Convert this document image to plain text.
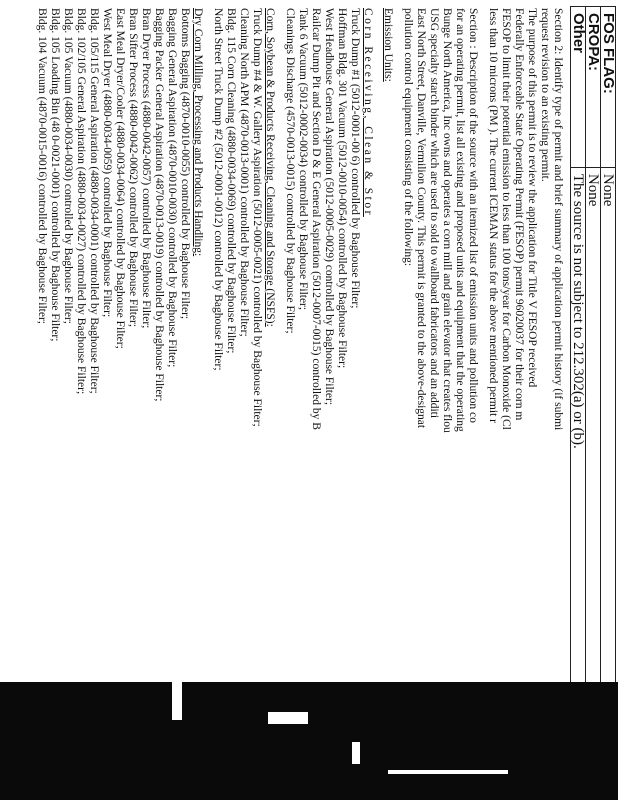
FOS FLAG:	None
CROPA:	None
Other	The source is not subject to 212.302(a) or (b).

Section 2: Identify type of permit and brief summary of application permit history (if submi

request revision to an existing permit.

The purpose of this permit is to review the application for Title V FESOP received

Federally Enforceable State Operating Permit (FESOP) permit 96020037 for their corn m

FESOP to limit their potential emission to less than 100 tons/year for Carbon Monoxide (Cl

less than 10 microns (PM ). The current ICEMAN status for the above mentioned permit r

Section : Description of the source with an itemized list of emission units and pollution co

for an operating permit, list all existing and proposed units and equipment that the operating

Bunge North America, Inc owns and operates a corn mill and grain elevator that creates flou

USG specialty starch binder which are used to sold to wallboard fabricators and an additi

East North Street, Danville, Vermilion County. This permit is granted to the above-designat

pollution control equipment consisting of the following:

Emission Units:

Corn Receiving, Clean & Stor

Truck Dump #1 (5012-0001-00 6) controlled by Baghouse Filter;

Hoffman Bldg. 301 Vacuum (5012-0010-0054) controlled by Baghouse Filter;

West Headhouse General Aspiration (5012-0005-0029) controlled by Baghouse Filter;

Railcar Dump Pit and Section D & E General Aspiration (5012-0007-0015) controlled by B

Tank 6 Vacuum (5012-0002-0034) controlled by Baghouse Filter;

Cleanings Discharge (4570-0013-0015) controlled by Baghouse Filter;

Corn, Soybean & Products Receiving, Cleaning and Storage (NSFS):

Truck Dump #4 & W. Gallery Aspiration (5012-0005-0021) controlled by Baghouse Filter;

Cleaning North APM (4870-0013-0001) controlled by Baghouse Filter;

Bldg. 115 Corn Cleaning (4880-0034-0069) controlled by Baghouse Filter;

North Street Truck Dump #2 (5012-0001-0012) controlled by Baghouse Filter;

Dry Corn Milling, Processing and Products Handling:

Bottoms Bagging (4870-0010-0055) controlled by Baghouse Filter;

Bagging General Aspiration (4870-0010-0030) controlled by Baghouse Filter;

Bagging Packer General Aspiration (4870-0013-0019) controlled by Baghouse Filter;

Bran Dryer Process (4880-0042-0057) controlled by Baghouse Filter;

Bran Sifter Process (4880-0042-0062) controlled by Baghouse Filter;

East Meal Dryer/Cooler (4880-0034-0064) controlled by Baghouse Filter;

West Meal Dryer (4880-0034-0059) controlled by Baghouse Filter;

Bldg. 105/115 General Aspiration (4880-0034-0001) controlled by Baghouse Filter;

Bldg. 102/105 General Aspiration (4880-0034-0027) controlled by Baghouse Filter;

Bldg. 105 Vacuum (4880-0034-0030) controlled by Baghouse Filter;

Bldg. 105 Loading Bin (48 0-0021-0001) controlled by Baghouse Filter;

Bldg. 104 Vacuum (4870-0015-0016) controlled by Baghouse Filter;
